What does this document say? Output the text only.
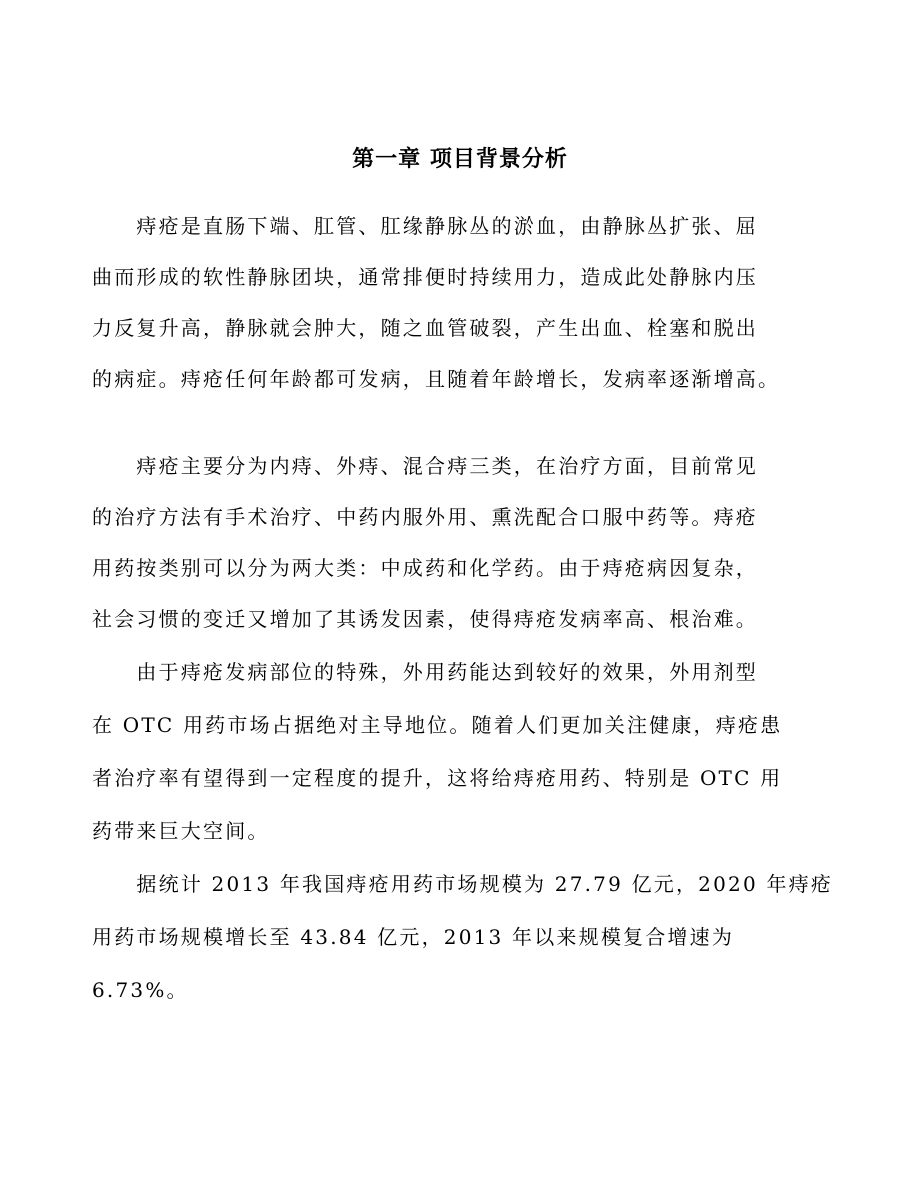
第一章 项目背景分析

　　痔疮是直肠下端、肛管、肛缘静脉丛的淤血，由静脉丛扩张、屈

曲而形成的软性静脉团块，通常排便时持续用力，造成此处静脉内压

力反复升高，静脉就会肿大，随之血管破裂，产生出血、栓塞和脱出

的病症。痔疮任何年龄都可发病，且随着年龄增长，发病率逐渐增高。

　　痔疮主要分为内痔、外痔、混合痔三类，在治疗方面，目前常见

的治疗方法有手术治疗、中药内服外用、熏洗配合口服中药等。痔疮

用药按类别可以分为两大类：中成药和化学药。由于痔疮病因复杂，

社会习惯的变迁又增加了其诱发因素，使得痔疮发病率高、根治难。

　　由于痔疮发病部位的特殊，外用药能达到较好的效果，外用剂型

在 OTC 用药市场占据绝对主导地位。随着人们更加关注健康，痔疮患

者治疗率有望得到一定程度的提升，这将给痔疮用药、特别是 OTC 用

药带来巨大空间。

　　据统计 2013 年我国痔疮用药市场规模为 27.79 亿元，2020 年痔疮

用药市场规模增长至 43.84 亿元，2013 年以来规模复合增速为

6.73%。
